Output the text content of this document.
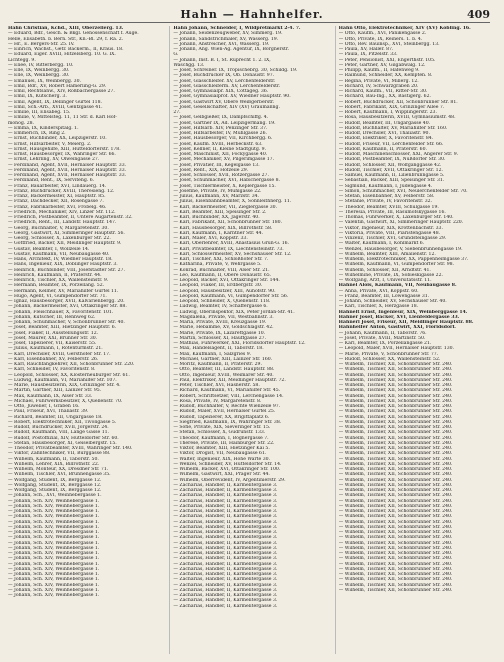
Hahn — Hahnhelfer.	409
Hahn Christian, Kchd., XIII, Oberzellerg. 13.
— Eduard, Bdr., Gesch. & Bkgl. Genossenschaft f. Auge.
Helle, Elisabeth. b. Bern. Str., Kn.-Bl. 29, f. Ra. 2.
— Hr., E. Bergers-Str. 25. IV.
— Einrich, Wachst., Getr. Bäckerm., II, Kraus. 18.
— Eduard, Eiger. XVIII, Hitzelsberg. 10. G. IX.
Lichtegg. 9.
— Eliee, IV, Ritterbergg. 10.
— Elle, IX, Weinbergg. 30.
— Elle, IX, Weinbergg. 30.
— Emanuel, IX, Weinbergg. 30.
— Emil, Bdr., XV, Robert Hamerling-G. 29.
— Emil, Rechtsanw., XIV, Roßbachergasse 27.
— Emil, IX, Kutscherg. 3.
— Emil, Ägent, IX, Dellinger Gürtel 118.
— Emil, Sch.-Arb., XVIII, Gentzgasse 41.
— Emilie, III, Elisabeg. 15.
— Emilie, V, Mittelsteg. 11, 11 Str. d. Karl Hof-
monog. 28.
— Emma, IX, Kinderspitalg. 1.
— Emmerich, IX, Ring 2.
— Ernst, Buchbinder, XX, Leipzigerstr. 10.
— Ernst, Hilfsarbeiter, V, Meierg. 2.
— Ernst, Hausgehilfe, XIII, Hütteldorferstr. 178.
— Ernst, Hausbesorger, IX, Währinger Str. 66.
— Ernst, Lehrling, XV, Ölweingasse 27.
— Ferdinand, Agent, XVII, Hernalser Hauptstr. 33.
— Ferdinand, Agent, XVII, Hernalser Hauptstr. 33.
— Ferdinand, Agent, XVII, Hernalser Hauptstr. 33.
— Ferdinand, Rent., IX, Serviteng. 6.
— Franz, Bauarbeiter, XVI, Lindauerg. 14.
— Franz, Buchdrucker, XVIII, Theresieng. 12.
— Franz, Bäckermeister, XI, Hauptstr. 85.
— Franz, Dachdecker, XII, Rosengasse 7.
— Franz, Fabrikarbeiter, XVI, Fröbelg. 46.
— Friedrich, Mechaniker, XIV, Linzer Str. 112.
— Friedrich, Postbeamter, II, Untere Augartenstr. 32.
— Friedrich, Rent., III, Landstr. Hauptstr. 147.
— Georg, Buchhalter, V, Margaretenstr. 30.
— Georg, Gastwirt, XI, Simmeringer Hauptstr. 56.
— Georg, Schlosser, X, Laxenburger Str. 22.
— Gottfried, Bäcker, XII, Meidlinger Hauptstr. 9.
— Gustav, Beamter, I, Wollzeile 14.
— Gustav, Kaufmann, VII, Neubaugasse 40.
— Hans, Architekt, IV, Wiedner Hauptstr. 18.
— Hans, Ingenieur, XIX, Döblinger Hauptstr. 3.
— Heinrich, Buchbinder, VIII, Josefstädter Str. 27.
— Heinrich, Kaufmann, II, Praterstr. 44.
— Heinrich, Tischler, XX, Wallensteinstr. 9.
— Hermann, Beamter, IX, Porzellang. 52.
— Hermann, Kellner, XV, Mariahilfer Gürtel 11.
— Hugo, Agent, VI, Gumpendorfer Str. 71.
— Ignaz, Hausbesorger, XVII, Kalvarienbergg. 20.
— Johann, Bäckermeister, XVI, Ottakringer Str. 88.
— Johann, Fleischhauer, X, Favoritenstr. 101.
— Johann, Kutscher, III, Rennweg 62.
— Johann, Schuhmacher, V, Schönbrunner Str. 40.
— Josef, Beamter, XIII, Hietzinger Hauptstr. 6.
— Josef, Fiaker, II, Ausstellungsstr. 12.
— Josef, Maurer, XXI, Brünner Str. 30.
— Josef, Tapezierer, VII, Kaiserstr. 55.
— Julius, Kaufmann, I, Rotenturmstr. 21.
— Karl, Drechsler, XVIII, Gersthofer Str. 17.
— Karl, Eisenbahner, XV, Felberstr. 26.
— Karl, Rauchfangkehrer, XII, Schönbrunner Str. 220.
— Karl, Schneider, IV, Favoritenstr. 8.
— Leopold, Schlosser, XX, Klosterneuburger Str. 61.
— Ludwig, Kaufmann, VI, Mariahilfer Str. 107.
— Marie, Hausbesitzerin, XIX, Grinzinger Str. 4.
— Martin, Gärtner, XIII, Lainzer Str. 95.
— Max, Kaufmann, IX, Alser Str. 33.
— Michael, Fuhrwerksbesitzer, X, Quellenstr. 70.
— Otto, Juwelier, I, Graben 16.
— Paul, Friseur, XVI, Thaliastr. 39.
— Richard, Beamter, III, Ungargasse 18.
— Robert, Elektrotechniker, XII, Tivoligasse 5.
— Rudolf, Buchdrucker, XVII, Jörgerstr. 24.
— Rudolf, Kaufmann, VIII, Lange Gasse 11.
— Rudolf, Postoffizial, XIV, Hütteldorfer Str. 60.
— Stefan, Hausbesorger, XI, Geiselbergstr. 15.
— Theodor, Privatbeamter, XVIII, Währinger Str. 140.
— Viktor, Zahntechniker, VII, Burggasse 88.
— Wilhelm, Kaufmann, II, Taborstr. 50.
— Wilhelm, Lehrer, XIX, Billrothstr. 22.
— Wilhelm, Monteur, XX, Dresdner Str. 71.
— Wilhelm, Tischler, XVI, Brunnengasse 35.
— Wolfgang, Student, IX, Berggasse 12.
— Wolfgang, Student, IX, Berggasse 12.
— Wolfgang, Student, IX, Berggasse 12.
— Johann, Sch., XVI, Weinhebergasse 1.
— Johann, Sch. XIV, Weinhebergasse 1.
— Johann, Sch. XIV, Weinhebergasse 1.
— Johann, Sch. XIV, Weinhebergasse 1.
— Johann, Sch. XIV, Weinhebergasse 1.
— Johann, Sch. XIV, Weinhebergasse 1.
— Johann, Sch. XIV, Weinhebergasse 1.
— Johann, Sch. XIV, Weinhebergasse 1.
— Johann, Sch. XIV, Weinhebergasse 1.
— Johann, Sch. XIV, Weinhebergasse 1.
— Johann, Sch. XIV, Weinhebergasse 1.
— Johann, Sch. XIV, Weinhebergasse 1.
— Johann, Sch. XIV, Weinhebergasse 1.
— Johann, Sch. XIV, Weinhebergasse 1.
— Johann, Sch. XIV, Weinhebergasse 1.
— Johann, Sch. XIV, Weinhebergasse 1.
— Johann, Sch. XIV, Weinhebergasse 1.
— Johann, Sch. XIV, Weinhebergasse 1.
— Johann, Sch. XIV, Weinhebergasse 1.
— Johann, Sch. XIV, Weinhebergasse 1.
Hahn Johann, Schneider, I, Wildpretmarkt 2-4. 7.
— Johann, Seidenzeugweber, XV, Simmerg. 19.
— Johann, Sandstrichmaler, XV, Wasserg. 19.
— Johann, Anstreicher, XVI, Wasserg. 19.
— Johann, Ang. Wien-Ag. Agentur, IX, Borgnerstr.
G.
— Johann, Inst. B. I, St. Ruprecht 1. 2. IX,
Wäschgg. 13.
— Josef, Schreiner. IX, Tropischebrg. 30, Schildg. 19.
— Josef, Buchdrucker IX, Ob. Donaustr. 97.
— Josef, Glasschleifer. XV, Lerchenfelderstr.
— Josef, Glasschleiferm. XV, Lerchenfelderstr.
— Josef, Gymnasialpr. XIX, Cottageg. 36.
— Josef, Gymnasialprof. XV, Wiedner Hauptstr. 90.
— Josef, Gastwirt XV, Obere Weißgerberstr.
— Josef, Gesellschafter, XIV (XV) Graumanng.
27.
— Josef, Gelbgießer, IX, Dampfschiffg. 4.
— Josef, Gärtner IX, Ad. Leipzigermang. 19.
— Josef, Hilfsarb. XIV, Penzinger Str. 37.
— Josef, Hilfsarbeiter, IV, Mühlgasse 26.
— Josef, Hausbesorger, VII, Kirchbergg. 6.
— Josef, Kaufm. XVIII, Herbeckstr. 63.
— Josef, Kellner, II, Kleine Stadtgutg. 9.
— Josef, Maschinist, XII, Fockygasse 40.
— Josef, Mechaniker, XV, Pilgerimgasse 17.
— Josef, Privatier, III, Kegelgasse 13.
— Josef, Rent., XIX, Hofzeile 29.
— Josef, Schlosser, XVII, Rötzergasse 27.
— Josef, Schuhmacher, XVI, Habichergasse 8.
— Josef, Tischlermeister, X, Keplergasse 15.
— Josefine, Private, IV, Mühlgasse 22.
— Julius, Kaufmann, XV, Märzstr. 34.
— Julius, Eisenbahnbeamter, X, Sonnleithnerg. 11.
— Karl, Bäckermeister, VII, Zieglergasse 30.
— Karl, Beamter, XIII, Speisinger Str. 2.
— Karl, Buchbinder, XX, Jägerstr. 40.
— Karl, Fabrikant, XII, Schönbrunner Str. 180.
— Karl, Hausbesorger, XIX, Billrothstr. 58.
— Karl, Kaufmann, I, Kärntner Str. 44.
— Karl, Maler, XVI, Koppstr. 33.
— Karl, Oberlehrer, XVIII, Anastasius Grün-G. 16.
— Karl, Privatbeamter, IX, Liechtensteinstr. 73.
— Karl, Schlossermeister, XV, Sechshauser Str. 12.
— Karl, Tischler, XXI, Schloßhofer Str. 7.
— Katharina, Private, V, Wehrgasse 5.
— Konrad, Buchhalter, VIII, Alser Str. 21.
— Leo, Kaufmann, II, Obere Donaustr. 65.
— Leopold, Bäcker, XVI, Ottakringer Str. 144.
— Leopold, Fiaker, III, Erdbergstr. 30.
— Leopold, Hausbesitzer, XIII, Auhofstr. 90.
— Leopold, Kaufmann, VI, Gumpendorfer Str. 56.
— Leopold, Schneider, X, Quellenstr. 118.
— Ludwig, Beamter, IV, Schäffergasse 6.
— Ludwig, Oberinspektor, XIX, Peter Jordan-Str. 41.
— Magdalena, Private, VII, Westbahnstr. 3.
— Maria, Private, XVIII, Kreuzgasse 19.
— Marie, Hebamme, XV, Goldschlagstr. 42.
— Marie, Private, IX, Lazarettgasse 10.
— Martin, Schlosser, XI, Hauffgasse 27.
— Mathias, Fuhrwerker, XXI, Floridsdorfer Hauptstr. 12.
— Max, Handelsagent, II, Taborstr. 18.
— Max, Kaufmann, I, Salzgries 9.
— Michael, Gärtner, XIII, Lainzer Str. 160.
— Moritz, Kaufmann, II, Praterstr. 29.
— Otto, Beamter, III, Landstr. Hauptstr. 88.
— Otto, Ingenieur, XVIII, Weimarer Str. 40.
— Paul, Elektriker, XII, Meidlinger Hauptstr. 72.
— Peter, Tischler, XVI, Hasnerstr. 58.
— Richard, Kaufmann, VI, Mariahilfer Str. 45.
— Robert, Schriftsetzer, VIII, Lerchengasse 14.
— Rosa, Private, IV, Margaretenstr. 8.
— Rudolf, Buchhalter, V, Rechte Wienzeile 97.
— Rudolf, Maler, XVII, Hernalser Gürtel 25.
— Rudolf, Tapezierer, XX, Brigittaplatz 6.
— Siegfried, Kaufmann, IX, Währinger Str. 38.
— Sofie, Private, XIX, Sieveringer Str. 15.
— Stefan, Schlosser, X, Gudrunstr. 133.
— Theodor, Kaufmann, I, Bognergasse 7.
— Therese, Private, III, Hainburger Str. 22.
— Viktor, Beamter, XIII, Hietzinger Kai 5.
— Viktor, Drogist, VII, Neubaugasse 61.
— Walter, Ingenieur, XIX, Hohe Warte 30.
— Wenzel, Schneider, XV, Hütteldorfer Str. 14.
— Wilhelm, Bäcker, XVI, Ottakringer Str. 100.
— Wilhelm, Gastwirt, XXI, Prager Str. 44.
— Wilhelm, Oberrevident, IV, Argentinierstr. 29.
— Zacharias, Händler, II, Karmelitergasse 3.
— Zacharias, Händler, II, Karmelitergasse 3.
— Zacharias, Händler, II, Karmelitergasse 3.
— Zacharias, Händler, II, Karmelitergasse 3.
— Zacharias, Händler, II, Karmelitergasse 3.
— Zacharias, Händler, II, Karmelitergasse 3.
— Zacharias, Händler, II, Karmelitergasse 3.
— Zacharias, Händler, II, Karmelitergasse 3.
— Zacharias, Händler, II, Karmelitergasse 3.
— Zacharias, Händler, II, Karmelitergasse 3.
— Zacharias, Händler, II, Karmelitergasse 3.
— Zacharias, Händler, II, Karmelitergasse 3.
— Zacharias, Händler, II, Karmelitergasse 3.
— Zacharias, Händler, II, Karmelitergasse 3.
— Zacharias, Händler, II, Karmelitergasse 3.
— Zacharias, Händler, II, Karmelitergasse 3.
— Zacharias, Händler, II, Karmelitergasse 3.
— Zacharias, Händler, II, Karmelitergasse 3.
— Zacharias, Händler, II, Karmelitergasse 3.
— Zacharias, Händler, II, Karmelitergasse 3.
— Zacharias, Händler, II, Karmelitergasse 3.
— Zacharias, Händler, II, Karmelitergasse 3.
— Zacharias, Händler, II, Karmelitergasse 3.
— Zacharias, Händler, II, Karmelitergasse 3.
Hahn Otto, Elektrotechniker, XIV (XV) Kobling. 16.
— Otto, Kaufm., XVI, Panikengasse 2.
— Otto, Private, IX, Reiners. 1. b. 4.
— Otto, Rev. Bauinsp., XVI, Steinbergg. 13.
— Paula, XV, Haller. 87.
— Paula, IX, Pitzelstr. 33.
— Peter, Pensionist, XXI, Engerthstr. 105.
— Peter, Gärtner, XV, Gilgäbwälg. 12.
— Philipp, Kaufm., II, Hafenweg 9.
— Raimund, Schneider, XX, Kempten. 8.
— Regina, Private, VI, Millerg. 12.
— Richard, IV, Schwarzgraben 20.
— Richard, Kaufm., VII, Ritter-Str. 30.
— Richard, Bau-Ing., XX, Bastigerg. 62.
— Robert, Buchdrucker, XII, Schönbrunner Str. 81.
— Robert, Fabrikant, XIX, Grinzinger Allee 7.
— Robert, Kaufmann, I, Wipplingerstr. 23.
— Rosa, Hausbesitzerin, XVIII, Gymnasiumstr. 48.
— Rudolf, Beamter, III, Ungargasse 40.
— Rudolf, Buchhalter, XV, Mariahilfer Str. 160.
— Rudolf, Drechsler, XVI, Thaliastr. 90.
— Rudolf, Elektriker, X, Favoritenstr. 84.
— Rudolf, Friseur, VII, Lerchenfelder Str. 66.
— Rudolf, Kaufmann, II, Praterstr. 60.
— Rudolf, Maschinenschlosser, XXI, Angerer Str. 9.
— Rudolf, Postbeamter, IX, Nußdorfer Str. 30.
— Rudolf, Schlosser, XII, Wolfganggasse 42.
— Rudolf, Tischler, XVII, Ottakringer Str. 12.
— Samuel, Kaufmann, II, Lilienbrunngasse 5.
— Sebastian, Bäcker, XIII, Speisinger Str. 31.
— Sigmund, Kaufmann, I, Judengasse 4.
— Simon, Schuhmacher, XVI, Neulerchenfelder Str. 70.
— Stefan, Eisenbahner, XV, Felberstr. 58.
— Stefanie, Private, IV, Favoritenstr. 32.
— Theodor, Beamter, XVIII, Schulgasse 19.
— Theresia, Private, III, Rasumofskygasse 16.
— Thomas, Fuhrwerker, X, Laxenburger Str. 140.
— Valentin, Gastwirt, XI, Simmeringer Hauptstr. 220.
— Viktor, Ingenieur, XIX, Krottenbachstr. 33.
— Viktoria, Private, VIII, Piaristengasse 48.
— Vinzenz, Tischler, XVI, Grundsteingasse 29.
— Walter, Kaufmann, I, Kohlmarkt 6.
— Wenzel, Hausbesorger, V, Siebenbrunnengasse 19.
— Wilhelm, Beamter, XIII, Amalienstr. 12.
— Wilhelm, Elektrotechniker, XX, Pappenheimgasse 37.
— Wilhelm, Kaufmann, VI, Gumpendorfer Str. 98.
— Wilhelm, Schlosser, XII, Arndtstr. 41.
— Wilhelmine, Private, IX, Sobieskigasse 22.
— Wolfgang, Arzt, I, Universitätsstr. 11.
Hahnel Alois, Kaufmann, VII, Neubaugasse 8.
— Anna, Private, XVI, Koppstr. 60.
— Franz, Beamter, III, Löwengasse 31.
— Johann, Schneider, XV, Sechshauser Str. 40.
— Karl, Tischler, X, Herzgasse 18.
Hahnelt Ernst, Ingenieur, XIX, Weinberggasse 14.
Hahner Josef, Bäcker, XVI, Lienfeldergasse 33.
Hahnerl Josef, Friseur, XII, Meidlinger Hauptstr. 88.
Hahnhelfer Anton, Gastwirt, XXI, Floridsdorf.
— Johann, Kaufmann, II, Taborstr. 76.
— Josef, Private, XVIII, Martinstr. 50.
— Karl, Beamter, IX, Porzellangasse 21.
— Leopold, Maler, XVII, Hernalser Hauptstr. 130.
— Marie, Private, V, Schönbrunner Str. 77.
— Rudolf, Schlosser, XX, Wallensteinstr. 52.
— Wilhelm, Tischler, XII, Schönbrunner Str. 240.
— Wilhelm, Tischler, XII, Schönbrunner Str. 240.
— Wilhelm, Tischler, XII, Schönbrunner Str. 240.
— Wilhelm, Tischler, XII, Schönbrunner Str. 240.
— Wilhelm, Tischler, XII, Schönbrunner Str. 240.
— Wilhelm, Tischler, XII, Schönbrunner Str. 240.
— Wilhelm, Tischler, XII, Schönbrunner Str. 240.
— Wilhelm, Tischler, XII, Schönbrunner Str. 240.
— Wilhelm, Tischler, XII, Schönbrunner Str. 240.
— Wilhelm, Tischler, XII, Schönbrunner Str. 240.
— Wilhelm, Tischler, XII, Schönbrunner Str. 240.
— Wilhelm, Tischler, XII, Schönbrunner Str. 240.
— Wilhelm, Tischler, XII, Schönbrunner Str. 240.
— Wilhelm, Tischler, XII, Schönbrunner Str. 240.
— Wilhelm, Tischler, XII, Schönbrunner Str. 240.
— Wilhelm, Tischler, XII, Schönbrunner Str. 240.
— Wilhelm, Tischler, XII, Schönbrunner Str. 240.
— Wilhelm, Tischler, XII, Schönbrunner Str. 240.
— Wilhelm, Tischler, XII, Schönbrunner Str. 240.
— Wilhelm, Tischler, XII, Schönbrunner Str. 240.
— Wilhelm, Tischler, XII, Schönbrunner Str. 240.
— Wilhelm, Tischler, XII, Schönbrunner Str. 240.
— Wilhelm, Tischler, XII, Schönbrunner Str. 240.
— Wilhelm, Tischler, XII, Schönbrunner Str. 240.
— Wilhelm, Tischler, XII, Schönbrunner Str. 240.
— Wilhelm, Tischler, XII, Schönbrunner Str. 240.
— Wilhelm, Tischler, XII, Schönbrunner Str. 240.
— Wilhelm, Tischler, XII, Schönbrunner Str. 240.
— Wilhelm, Tischler, XII, Schönbrunner Str. 240.
— Wilhelm, Tischler, XII, Schönbrunner Str. 240.
— Wilhelm, Tischler, XII, Schönbrunner Str. 240.
— Wilhelm, Tischler, XII, Schönbrunner Str. 240.
— Wilhelm, Tischler, XII, Schönbrunner Str. 240.
— Wilhelm, Tischler, XII, Schönbrunner Str. 240.
— Wilhelm, Tischler, XII, Schönbrunner Str. 240.
— Wilhelm, Tischler, XII, Schönbrunner Str. 240.
— Wilhelm, Tischler, XII, Schönbrunner Str. 240.
— Wilhelm, Tischler, XII, Schönbrunner Str. 240.
— Wilhelm, Tischler, XII, Schönbrunner Str. 240.
— Wilhelm, Tischler, XII, Schönbrunner Str. 240.
— Wilhelm, Tischler, XII, Schönbrunner Str. 240.
— Wilhelm, Tischler, XII, Schönbrunner Str. 240.
— Wilhelm, Tischler, XII, Schönbrunner Str. 240.
— Wilhelm, Tischler, XII, Schönbrunner Str. 240.
